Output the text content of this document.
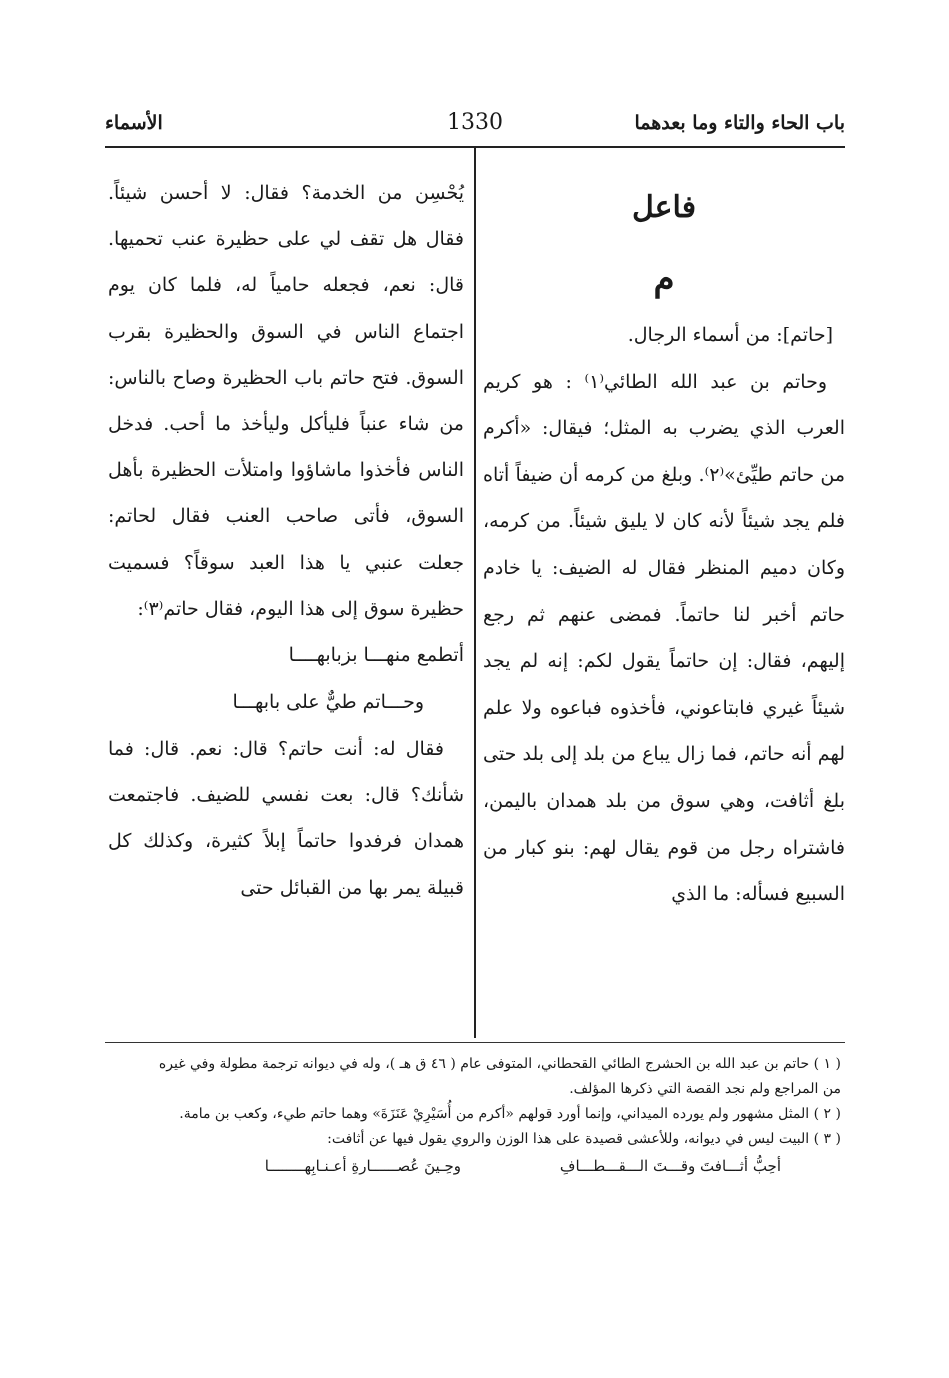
باب الحاء والتاء وما بعدهما
1330
الأسماء
فاعل
م

[حاتم]: من أسماء الرجال.

وحاتم بن عبد الله الطائي⁽١⁾ : هو كريم العرب الذي يضرب به المثل؛ فيقال: «أكرم من حاتم طيِّئ»⁽٢⁾. وبلغ من كرمه أن ضيفاً أتاه فلم يجد شيئاً لأنه كان لا يليق شيئاً. من كرمه، وكان دميم المنظر فقال له الضيف: يا خادم حاتم أخبر لنا حاتماً. فمضى عنهم ثم رجع إليهم، فقال: إن حاتماً يقول لكم: إنه لم يجد شيئاً غيري فابتاعوني، فأخذوه فباعوه ولا علم لهم أنه حاتم، فما زال يباع من بلد إلى بلد حتى بلغ أثافت، وهي سوق من بلد همدان باليمن، فاشتراه رجل من قوم يقال لهم: بنو كبار من السبيع فسأله: ما الذي

يُحْسِن من الخدمة؟ فقال: لا أحسن شيئاً. فقال هل تقف لي على حظيرة عنب تحميها. قال: نعم، فجعله حامياً له، فلما كان يوم اجتماع الناس في السوق والحظيرة بقرب السوق. فتح حاتم باب الحظيرة وصاح بالناس: من شاء عنباً فليأكل وليأخذ ما أحب. فدخل الناس فأخذوا ماشاؤوا وامتلأت الحظيرة بأهل السوق، فأتى صاحب العنب فقال لحاتم: جعلت عنبي يا هذا العبد سوقاً؟ فسميت حظيرة سوق إلى هذا اليوم، فقال حاتم⁽٣⁾:

أتطمع منهـــا بزبابهــــا
وحـــاتم طيٌّ على بابهـــا

فقال له: أنت حاتم؟ قال: نعم. قال: فما شأنك؟ قال: بعت نفسي للضيف. فاجتمعت همدان فرفدوا حاتماً إبلاً كثيرة، وكذلك كل قبيلة يمر بها من القبائل حتى

( ١ ) حاتم بن عبد الله بن الحشرج الطائي القحطاني، المتوفى عام ( ٤٦ ق هـ )، وله في ديوانه ترجمة مطولة وفي غيره

من المراجع ولم نجد القصة التي ذكرها المؤلف.

( ٢ ) المثل مشهور ولم يورده الميداني، وإنما أورد قولهم «أكرم من أُسَيْرِيْ عَنَزَةَ» وهما حاتم طيء، وكعب بن مامة.

( ٣ ) البيت ليس في ديوانه، وللأعشى قصيدة على هذا الوزن والروي يقول فيها عن أثافت:

أحِبُّ أثـــافتَ وقـــتَ الـــقـــطـــافِ
وحِـينَ عُصــــــارةِ أعـنـابِهــــــــا
